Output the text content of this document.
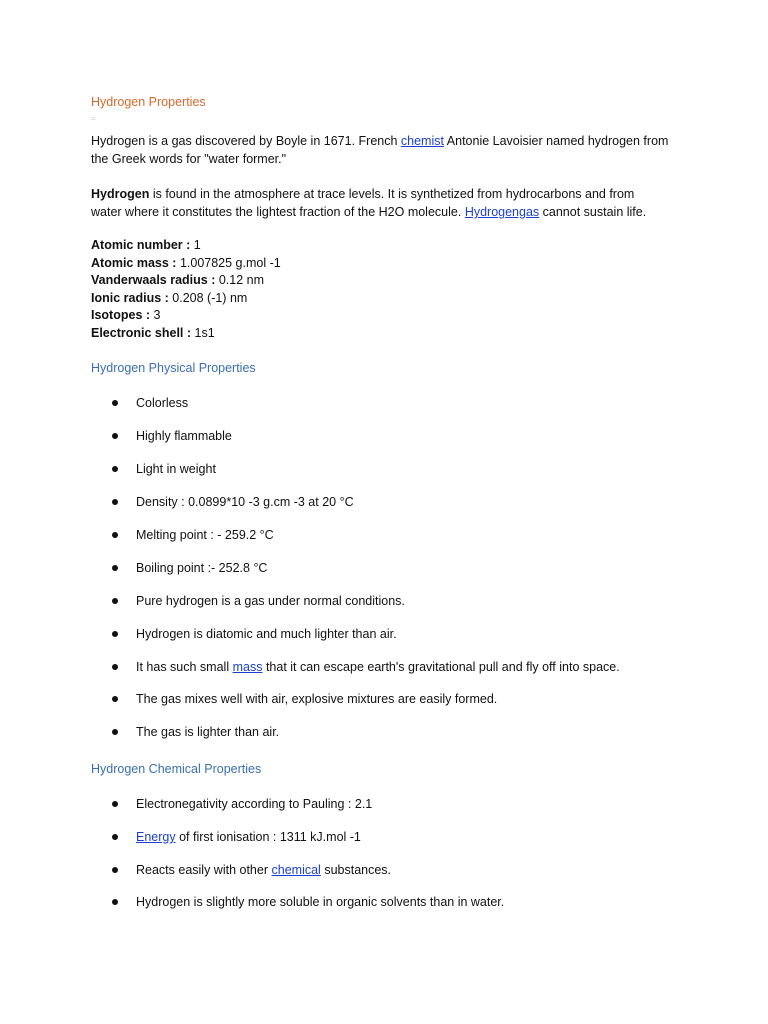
Hydrogen Properties
=
Hydrogen is a gas discovered by Boyle in 1671. French chemist Antonie Lavoisier named hydrogen from
the Greek words for "water former."
Hydrogen is found in the atmosphere at trace levels. It is synthetized from hydrocarbons and from
water where it constitutes the lightest fraction of the H2O molecule. Hydrogengas cannot sustain life.
Atomic number : 1
Atomic mass : 1.007825 g.mol -1
Vanderwaals radius : 0.12 nm
Ionic radius : 0.208 (-1) nm
Isotopes : 3
Electronic shell : 1s1
Hydrogen Physical Properties
Colorless
Highly flammable
Light in weight
Density : 0.0899*10 -3 g.cm -3 at 20 °C
Melting point : - 259.2 °C
Boiling point :- 252.8 °C
Pure hydrogen is a gas under normal conditions.
Hydrogen is diatomic and much lighter than air.
It has such small mass that it can escape earth's gravitational pull and fly off into space.
The gas mixes well with air, explosive mixtures are easily formed.
The gas is lighter than air.
Hydrogen Chemical Properties
Electronegativity according to Pauling : 2.1
Energy of first ionisation : 1311 kJ.mol -1
Reacts easily with other chemical substances.
Hydrogen is slightly more soluble in organic solvents than in water.
